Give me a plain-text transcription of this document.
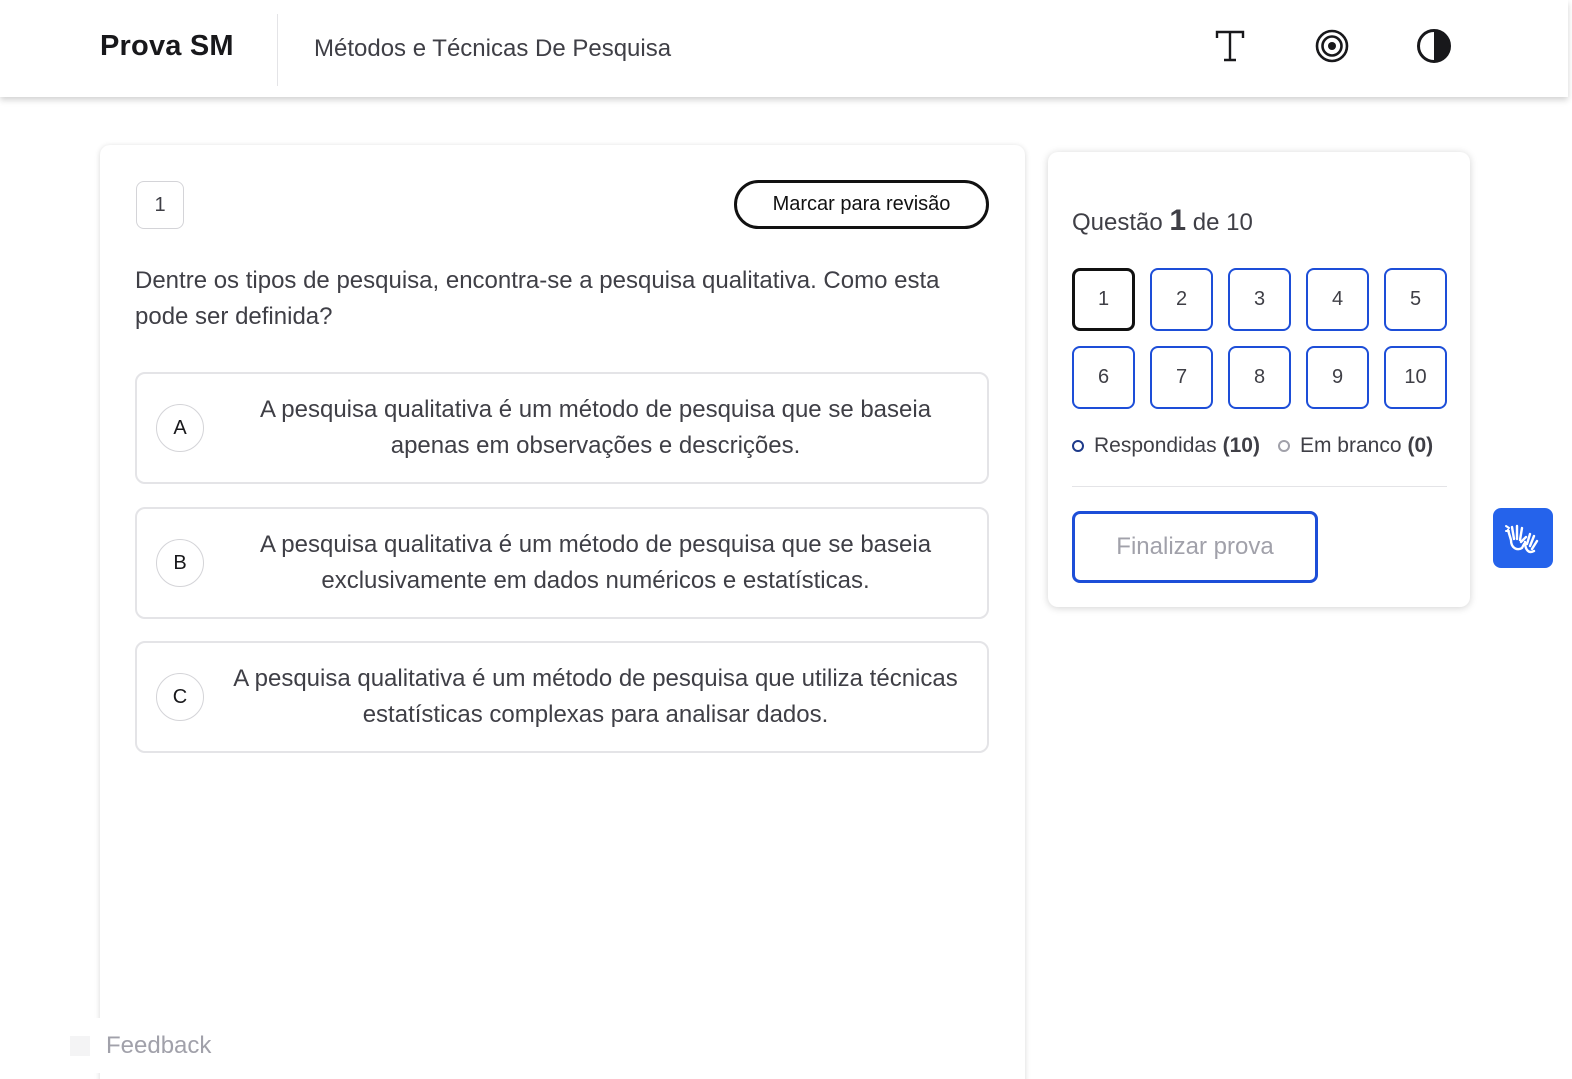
Prova SM	Métodos e Técnicas De Pesquisa
1	Marcar para revisão
Dentre os tipos de pesquisa, encontra-se a pesquisa qualitativa. Como esta pode ser definida?
A
A pesquisa qualitativa é um método de pesquisa que se baseia apenas em observações e descrições.
B
A pesquisa qualitativa é um método de pesquisa que se baseia exclusivamente em dados numéricos e estatísticas.
C
A pesquisa qualitativa é um método de pesquisa que utiliza técnicas estatísticas complexas para analisar dados.
Questão 1 de 10
1	2	3	4	5
6	7	8	9	10
Respondidas (10) Em branco (0)
Finalizar prova
Feedback
